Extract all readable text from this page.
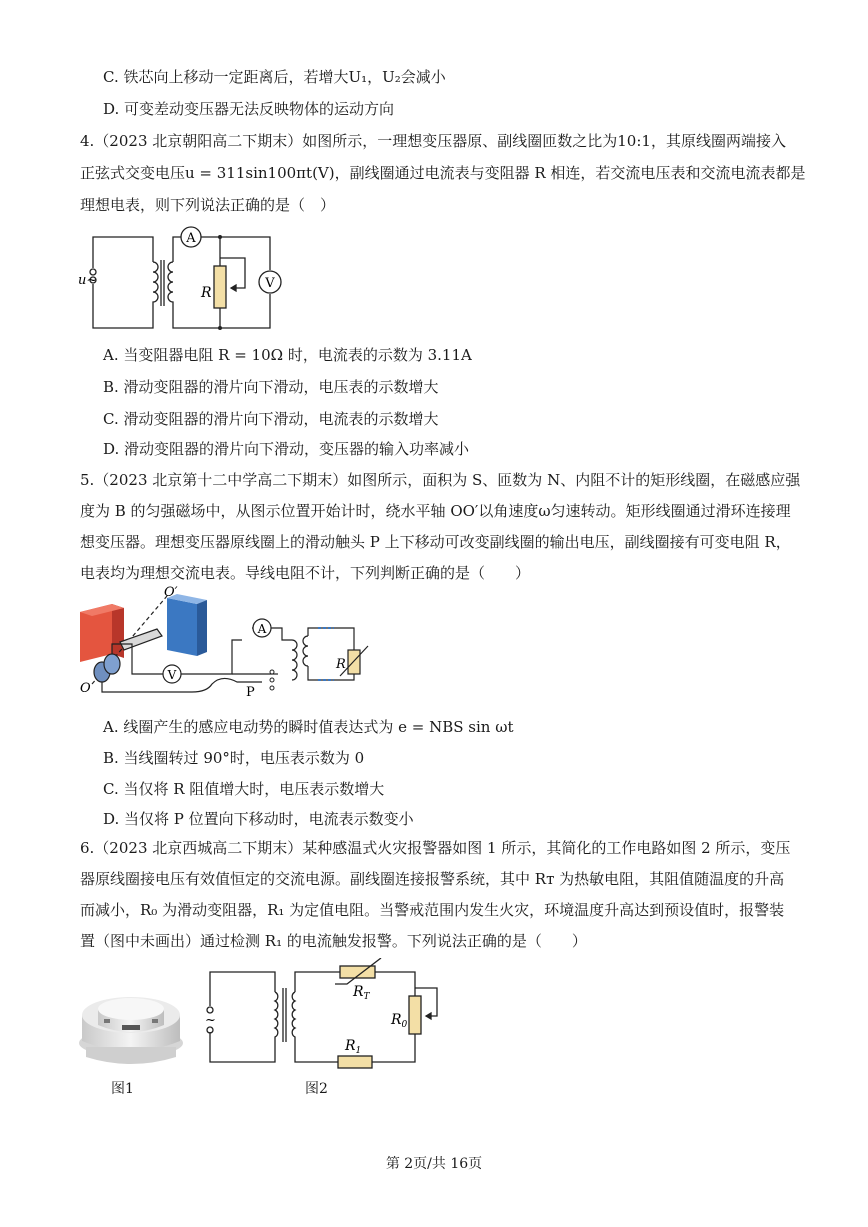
C. 铁芯向上移动一定距离后，若增大U₁，U₂会减小
D. 可变差动变压器无法反映物体的运动方向
4.（2023 北京朝阳高二下期末）如图所示，一理想变压器原、副线圈匝数之比为10:1，其原线圈两端接入
正弦式交变电压u = 311sin100πt(V)，副线圈通过电流表与变阻器 R 相连，若交流电压表和交流电流表都是
理想电表，则下列说法正确的是（　）
A
V
R
u~
A. 当变阻器电阻 R = 10Ω 时，电流表的示数为 3.11A
B. 滑动变阻器的滑片向下滑动，电压表的示数增大
C. 滑动变阻器的滑片向下滑动，电流表的示数增大
D. 滑动变阻器的滑片向下滑动，变压器的输入功率减小
5.（2023 北京第十二中学高二下期末）如图所示，面积为 S、匝数为 N、内阻不计的矩形线圈，在磁感应强
度为 B 的匀强磁场中，从图示位置开始计时，绕水平轴 OO′以角速度ω匀速转动。矩形线圈通过滑环连接理
想变压器。理想变压器原线圈上的滑动触头 P 上下移动可改变副线圈的输出电压，副线圈接有可变电阻 R，
电表均为理想交流电表。导线电阻不计，下列判断正确的是（　　）
A
V
O′
O	P
R
A. 线圈产生的感应电动势的瞬时值表达式为 e = NBS sin ωt
B. 当线圈转过 90°时，电压表示数为 0
C. 当仅将 R 阻值增大时，电压表示数增大
D. 当仅将 P 位置向下移动时，电流表示数变小
6.（2023 北京西城高二下期末）某种感温式火灾报警器如图 1 所示，其简化的工作电路如图 2 所示，变压
器原线圈接电压有效值恒定的交流电源。副线圈连接报警系统，其中 Rᴛ 为热敏电阻，其阻值随温度的升高
而减小，R₀ 为滑动变阻器，R₁ 为定值电阻。当警戒范围内发生火灾，环境温度升高达到预设值时，报警装
置（图中未画出）通过检测 R₁ 的电流触发报警。下列说法正确的是（　　）
图1
~
$R_T$
$R_0$
$R_1$
图2
第 2页/共 16页
